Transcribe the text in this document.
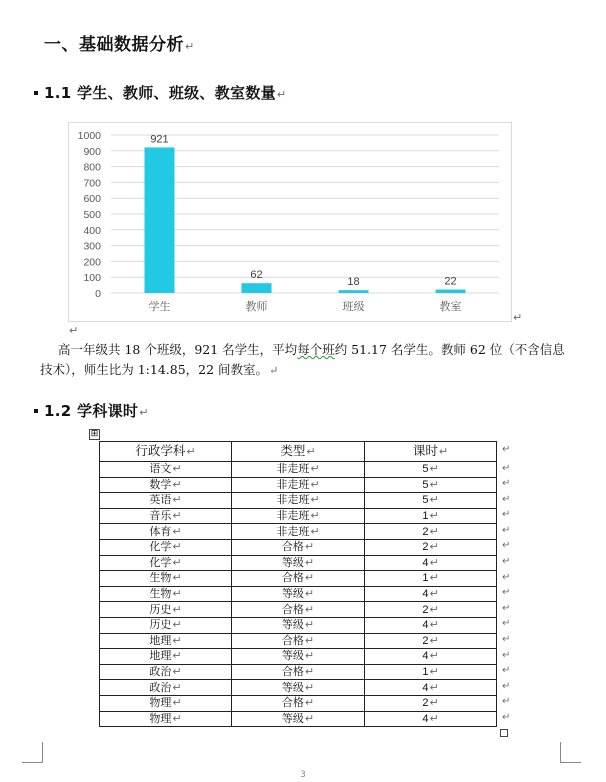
一、基础数据分析↵
1.1 学生、教师、班级、教室数量↵
0
100
200
300
400
500
600
700
800
900
1000	921
学生
62
教师
18
班级
22
教室
↵
↵
高一年级共 18 个班级，921 名学生，平均每个班约 51.17 名学生。教师 62 位（不含信息技术），师生比为 1:14.85，22 间教室。↵
1.2 学科课时↵
⊞
行政学科↵	类型↵	课时↵
语文↵	非走班↵	5↵
数学↵	非走班↵	5↵
英语↵	非走班↵	5↵
音乐↵	非走班↵	1↵
体育↵	非走班↵	2↵
化学↵	合格↵	2↵
化学↵	等级↵	4↵
生物↵	合格↵	1↵
生物↵	等级↵	4↵
历史↵	合格↵	2↵
历史↵	等级↵	4↵
地理↵	合格↵	2↵
地理↵	等级↵	4↵
政治↵	合格↵	1↵
政治↵	等级↵	4↵
物理↵	合格↵	2↵
物理↵	等级↵	4↵
↵
↵
↵
↵
↵
↵
↵
↵
↵
↵
↵
↵
↵
↵
↵
↵
↵
↵
3
